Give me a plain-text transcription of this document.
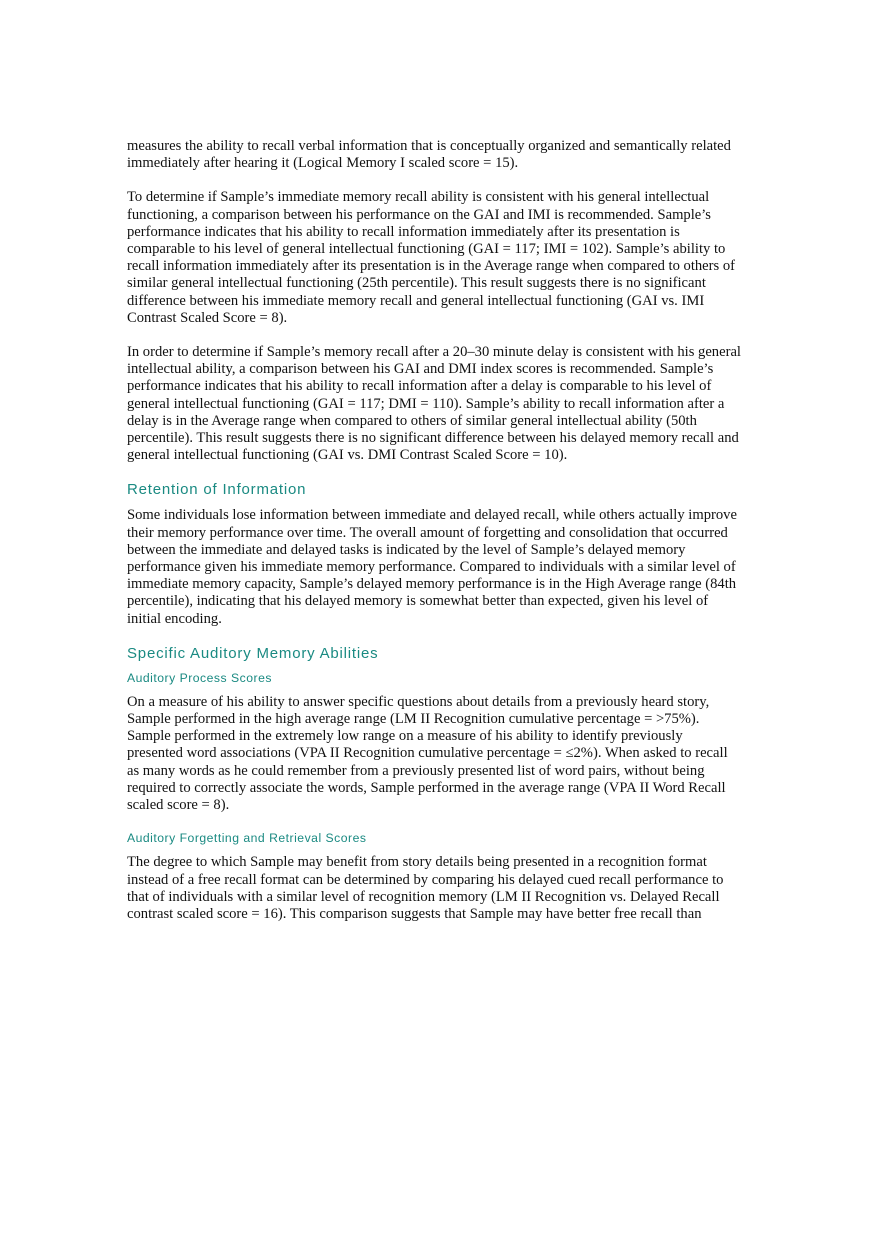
measures the ability to recall verbal information that is conceptually organized and semantically related immediately after hearing it (Logical Memory I scaled score = 15).

To determine if Sample’s immediate memory recall ability is consistent with his general intellectual functioning, a comparison between his performance on the GAI and IMI is recommended. Sample’s performance indicates that his ability to recall information immediately after its presentation is comparable to his level of general intellectual functioning (GAI = 117; IMI = 102). Sample’s ability to recall information immediately after its presentation is in the Average range when compared to others of similar general intellectual functioning (25th percentile). This result suggests there is no significant difference between his immediate memory recall and general intellectual functioning (GAI vs. IMI Contrast Scaled Score = 8).

In order to determine if Sample’s memory recall after a 20–30 minute delay is consistent with his general intellectual ability, a comparison between his GAI and DMI index scores is recommended. Sample’s performance indicates that his ability to recall information after a delay is comparable to his level of general intellectual functioning (GAI = 117; DMI = 110). Sample’s ability to recall information after a delay is in the Average range when compared to others of similar general intellectual ability (50th percentile). This result suggests there is no significant difference between his delayed memory recall and general intellectual functioning (GAI vs. DMI Contrast Scaled Score = 10).

Retention of Information

Some individuals lose information between immediate and delayed recall, while others actually improve their memory performance over time. The overall amount of forgetting and consolidation that occurred between the immediate and delayed tasks is indicated by the level of Sample’s delayed memory performance given his immediate memory performance. Compared to individuals with a similar level of immediate memory capacity, Sample’s delayed memory performance is in the High Average range (84th percentile), indicating that his delayed memory is somewhat better than expected, given his level of initial encoding.

Specific Auditory Memory Abilities
Auditory Process Scores

On a measure of his ability to answer specific questions about details from a previously heard story, Sample performed in the high average range (LM II Recognition cumulative percentage = >75%). Sample performed in the extremely low range on a measure of his ability to identify previously presented word associations (VPA II Recognition cumulative percentage = ≤2%). When asked to recall as many words as he could remember from a previously presented list of word pairs, without being required to correctly associate the words, Sample performed in the average range (VPA II Word Recall scaled score = 8).

Auditory Forgetting and Retrieval Scores

The degree to which Sample may benefit from story details being presented in a recognition format instead of a free recall format can be determined by comparing his delayed cued recall performance to that of individuals with a similar level of recognition memory (LM II Recognition vs. Delayed Recall contrast scaled score = 16). This comparison suggests that Sample may have better free recall than
